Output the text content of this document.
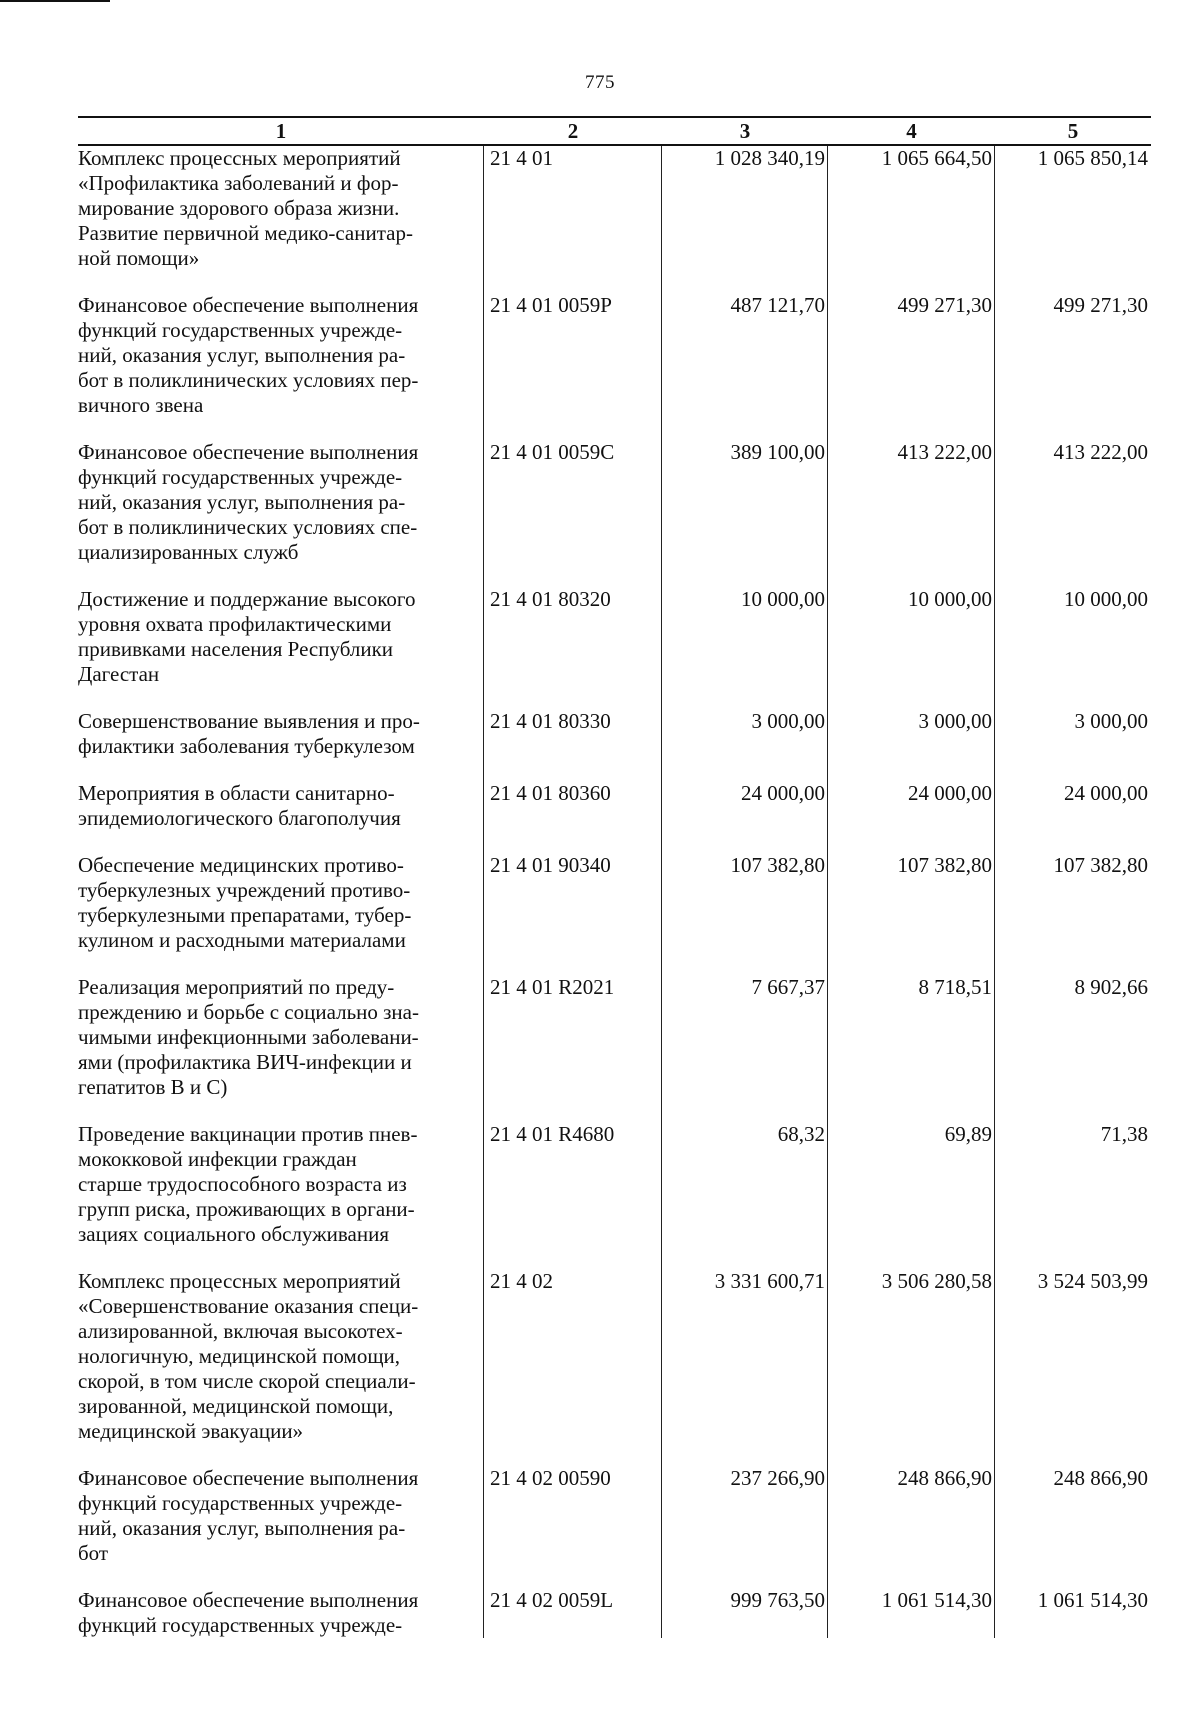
775
1	2	3	4	5
Комплекс процессных мероприятий
«Профилактика заболеваний и фор-
мирование здорового образа жизни.
Развитие первичной медико-санитар-
ной помощи»
21 4 01	1 028 340,19	1 065 664,50	1 065 850,14
Финансовое обеспечение выполнения
функций государственных учрежде-
ний, оказания услуг, выполнения ра-
бот в поликлинических условиях пер-
вичного звена
21 4 01 0059Р	487 121,70	499 271,30	499 271,30
Финансовое обеспечение выполнения
функций государственных учрежде-
ний, оказания услуг, выполнения ра-
бот в поликлинических условиях спе-
циализированных служб
21 4 01 0059С	389 100,00	413 222,00	413 222,00
Достижение и поддержание высокого
уровня охвата профилактическими
прививками населения Республики
Дагестан
21 4 01 80320	10 000,00	10 000,00	10 000,00
Совершенствование выявления и про-
филактики заболевания туберкулезом
21 4 01 80330	3 000,00	3 000,00	3 000,00
Мероприятия в области санитарно-
эпидемиологического благополучия
21 4 01 80360	24 000,00	24 000,00	24 000,00
Обеспечение медицинских противо-
туберкулезных учреждений противо-
туберкулезными препаратами, тубер-
кулином и расходными материалами
21 4 01 90340	107 382,80	107 382,80	107 382,80
Реализация мероприятий по преду-
преждению и борьбе с социально зна-
чимыми инфекционными заболевани-
ями (профилактика ВИЧ-инфекции и
гепатитов В и С)
21 4 01 R2021	7 667,37	8 718,51	8 902,66
Проведение вакцинации против пнев-
мококковой инфекции граждан
старше трудоспособного возраста из
групп риска, проживающих в органи-
зациях социального обслуживания
21 4 01 R4680	68,32	69,89	71,38
Комплекс процессных мероприятий
«Совершенствование оказания специ-
ализированной, включая высокотех-
нологичную, медицинской помощи,
скорой, в том числе скорой специали-
зированной, медицинской помощи,
медицинской эвакуации»
21 4 02	3 331 600,71	3 506 280,58	3 524 503,99
Финансовое обеспечение выполнения
функций государственных учрежде-
ний, оказания услуг, выполнения ра-
бот
21 4 02 00590	237 266,90	248 866,90	248 866,90
Финансовое обеспечение выполнения
функций государственных учрежде-
21 4 02 0059L	999 763,50	1 061 514,30	1 061 514,30
